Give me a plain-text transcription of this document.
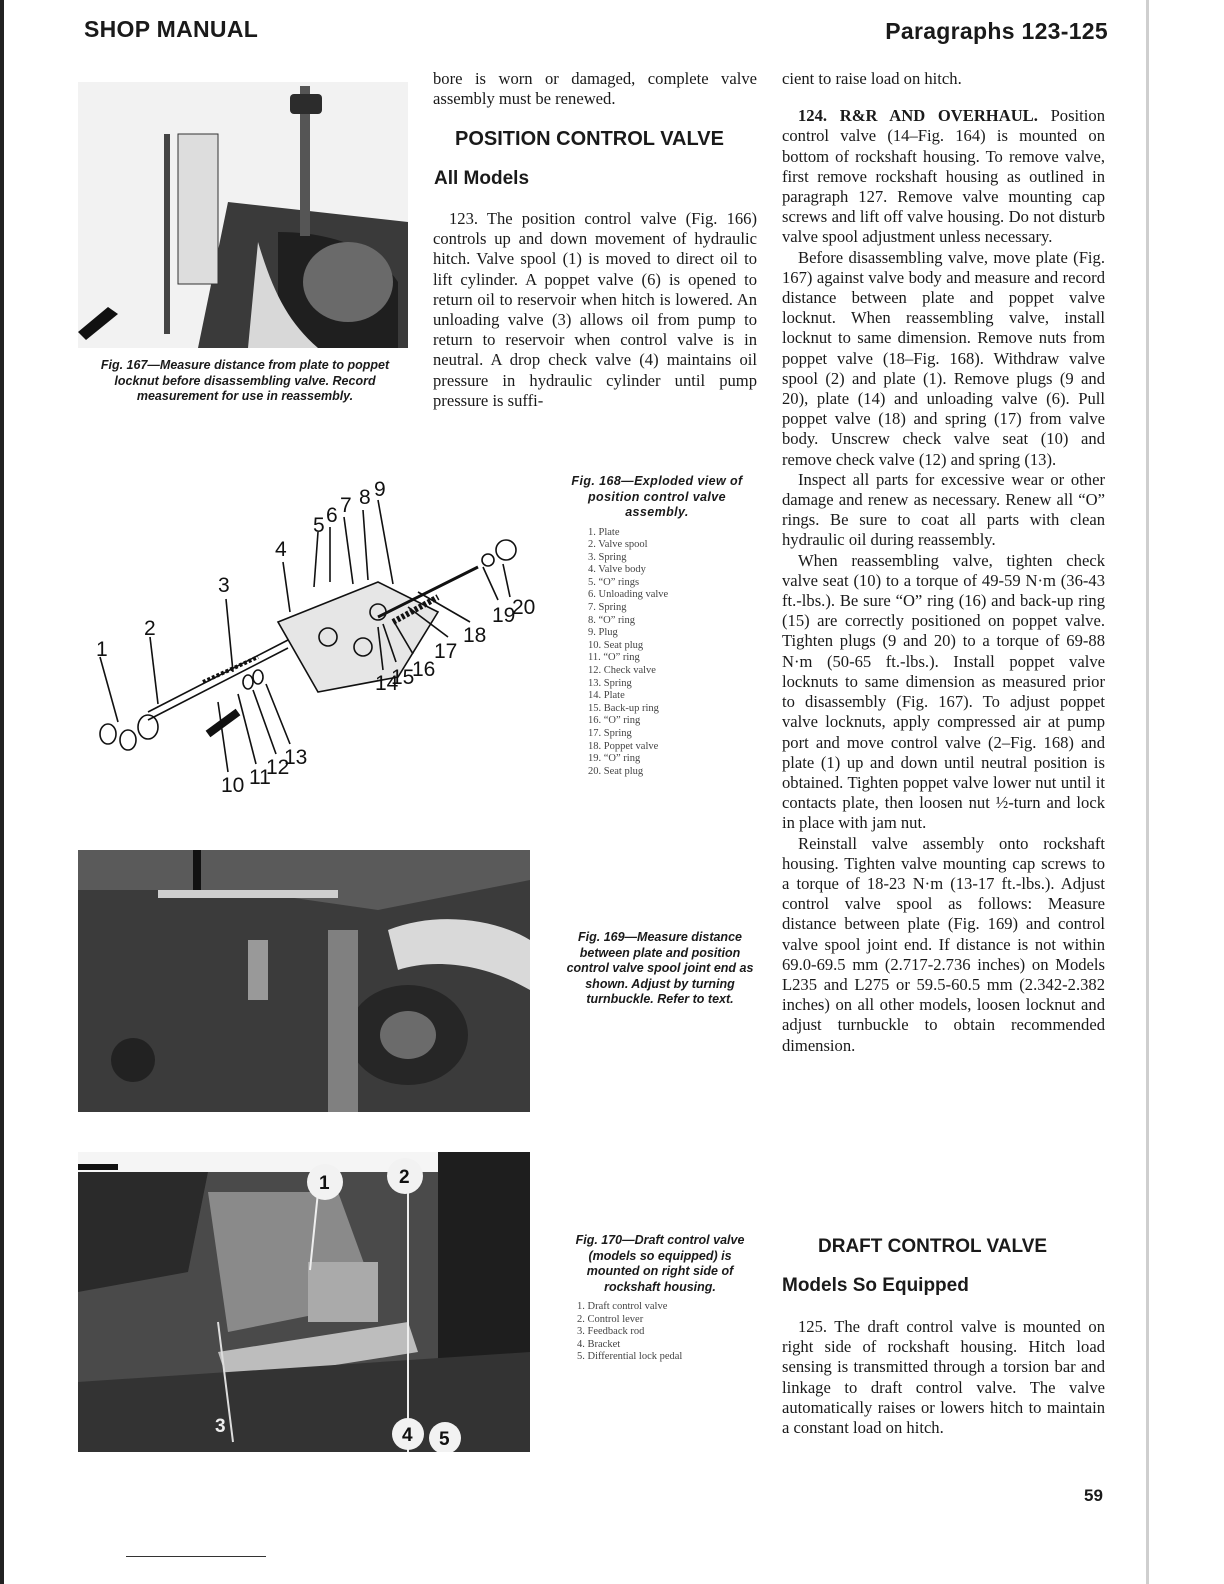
SHOP MANUAL	Paragraphs 123-125
Fig. 167—Measure distance from plate to poppet locknut before disassembling valve. Record measurement for use in reassembly.
bore is worn or damaged, complete valve assembly must be renewed.
POSITION CONTROL VALVE
All Models

123. The position control valve (Fig. 166) controls up and down movement of hydraulic hitch. Valve spool (1) is moved to direct oil to lift cylinder. A poppet valve (6) is opened to return oil to reservoir when hitch is lowered. An unloading valve (3) allows oil from pump to return to reservoir when control valve is in neutral. A drop check valve (4) maintains oil pressure in hydraulic cylinder until pump pressure is suffi-

1
2
3
4
5 6 7 8 9
10 11
12
13
14
15
16
17
18
19
20
Fig. 168—Exploded view of position control valve assembly.
1. Plate
2. Valve spool
3. Spring
4. Valve body
5. “O” rings
6. Unloading valve
7. Spring
8. “O” ring
9. Plug
10. Seat plug
11. “O” ring
12. Check valve
13. Spring
14. Plate
15. Back-up ring
16. “O” ring
17. Spring
18. Poppet valve
19. “O” ring
20. Seat plug
Fig. 169—Measure distance between plate and position control valve spool joint end as shown. Adjust by turning turnbuckle. Refer to text.
1	2
3	4 5
Fig. 170—Draft control valve (models so equipped) is mounted on right side of rockshaft housing.
1. Draft control valve
2. Control lever
3. Feedback rod
4. Bracket
5. Differential lock pedal
cient to raise load on hitch.

124. R&R AND OVERHAUL. Position control valve (14–Fig. 164) is mounted on bottom of rockshaft housing. To remove valve, first remove rockshaft housing as outlined in paragraph 127. Remove valve mounting cap screws and lift off valve housing. Do not disturb valve spool adjustment unless necessary.

Before disassembling valve, move plate (Fig. 167) against valve body and measure and record distance between plate and poppet valve locknut. When reassembling valve, install locknut to same dimension. Remove nuts from poppet valve (18–Fig. 168). Withdraw valve spool (2) and plate (1). Remove plugs (9 and 20), plate (14) and unloading valve (6). Pull poppet valve (18) and spring (17) from valve body. Unscrew check valve seat (10) and remove check valve (12) and spring (13).

Inspect all parts for excessive wear or other damage and renew as necessary. Renew all “O” rings. Be sure to coat all parts with clean hydraulic oil during reassembly.

When reassembling valve, tighten check valve seat (10) to a torque of 49-59 N·m (36-43 ft.-lbs.). Be sure “O” ring (16) and back-up ring (15) are correctly positioned on poppet valve. Tighten plugs (9 and 20) to a torque of 69-88 N·m (50-65 ft.-lbs.). Install poppet valve locknuts to same dimension as measured prior to disassembly (Fig. 167). To adjust poppet valve locknuts, apply compressed air at pump port and move control valve (2–Fig. 168) and plate (1) up and down until neutral position is obtained. Tighten poppet valve lower nut until it contacts plate, then loosen nut ½-turn and lock in place with jam nut.

Reinstall valve assembly onto rockshaft housing. Tighten valve mounting cap screws to a torque of 18-23 N·m (13-17 ft.-lbs.). Adjust control valve spool as follows: Measure distance between plate (Fig. 169) and control valve spool joint end. If distance is not within 69.0-69.5 mm (2.717-2.736 inches) on Models L235 and L275 or 59.5-60.5 mm (2.342-2.382 inches) on all other models, loosen locknut and adjust turnbuckle to obtain recommended dimension.

DRAFT CONTROL VALVE
Models So Equipped

125. The draft control valve is mounted on right side of rockshaft housing. Hitch load sensing is transmitted through a torsion bar and linkage to draft control valve. The valve automatically raises or lowers hitch to maintain a constant load on hitch.

59
